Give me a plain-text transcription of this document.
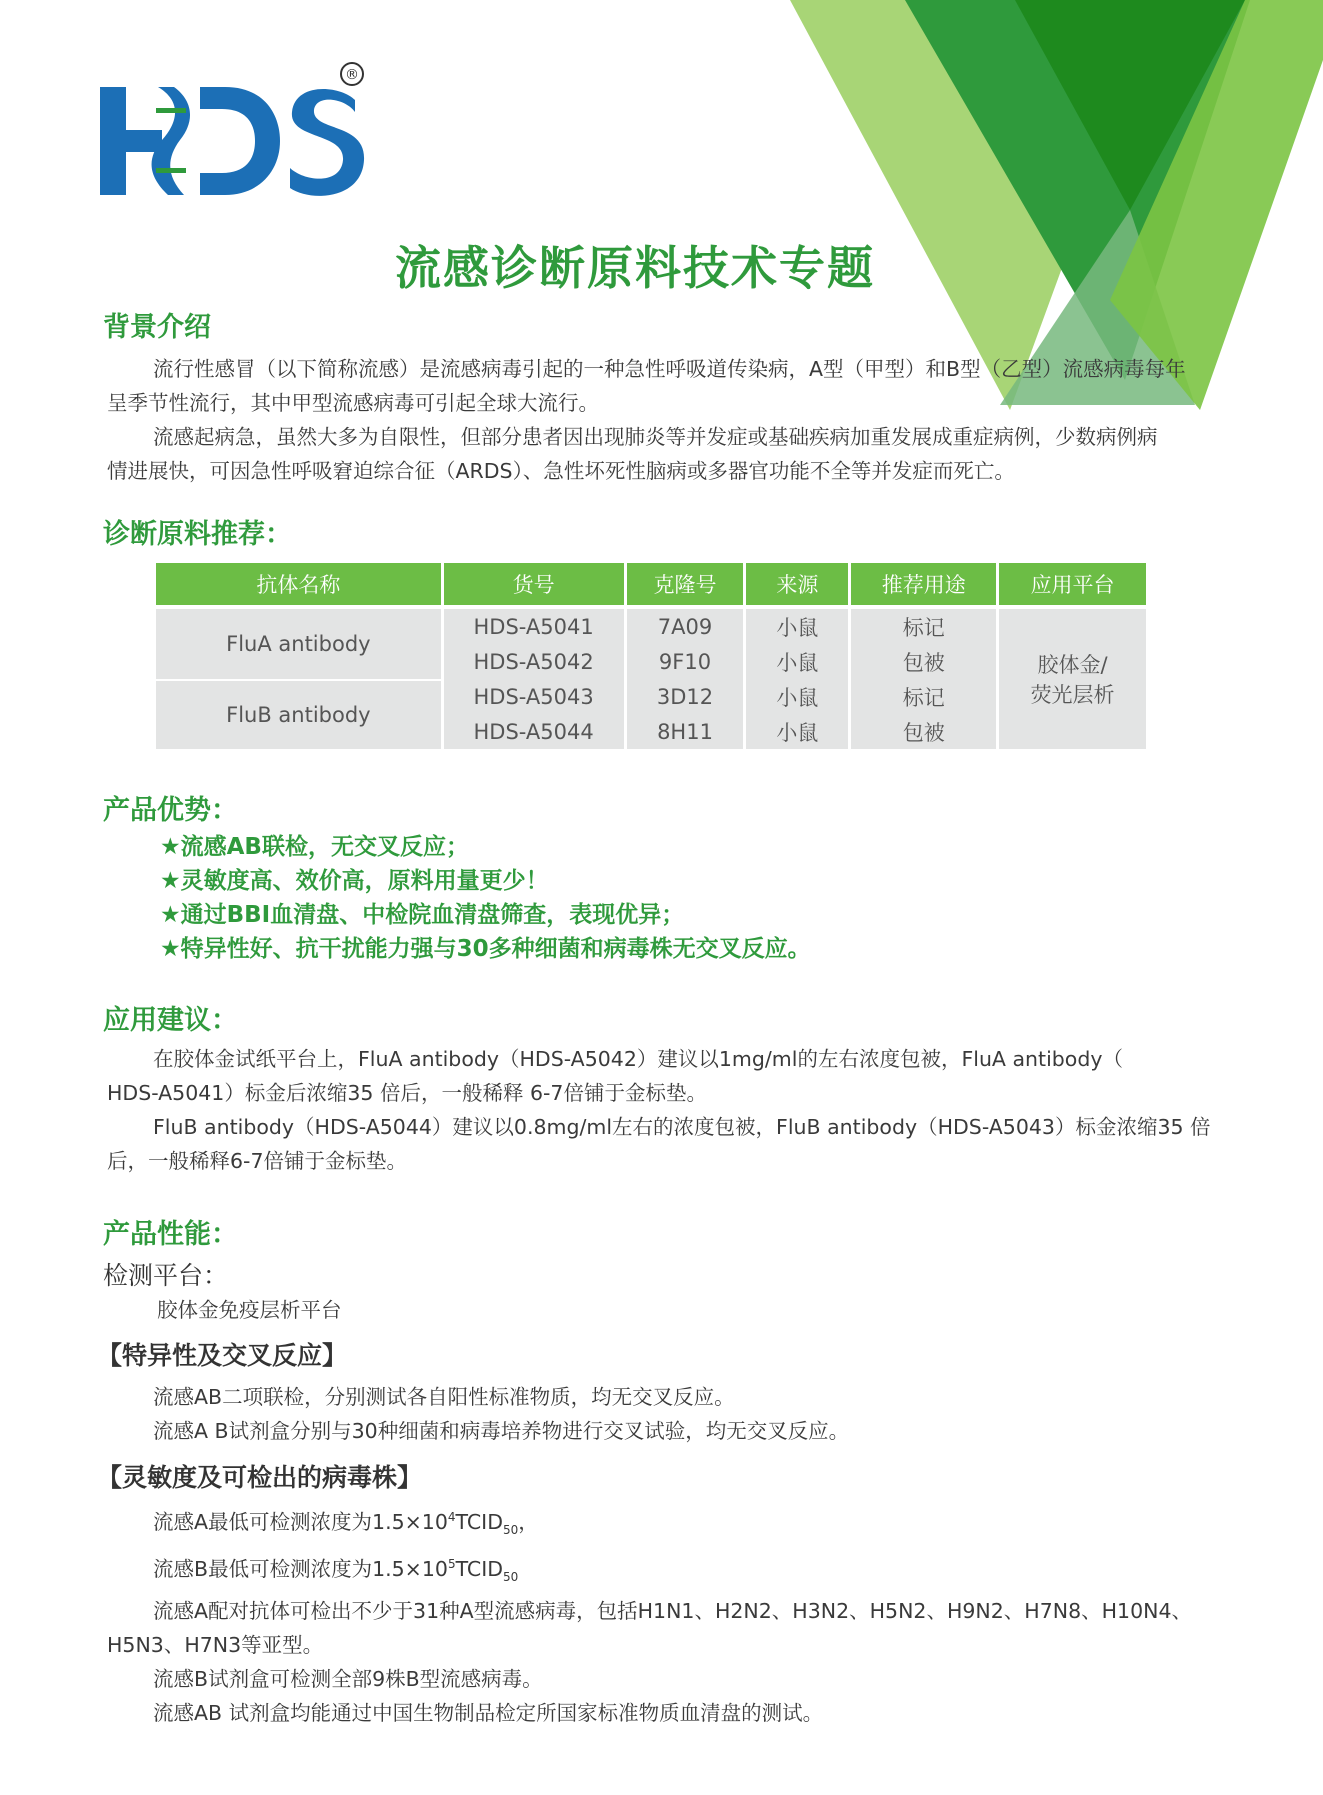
®
流感诊断原料技术专题
背景介绍
流行性感冒（以下简称流感）是流感病毒引起的一种急性呼吸道传染病，A型（甲型）和B型（乙型）流感病毒每年
呈季节性流行，其中甲型流感病毒可引起全球大流行。
流感起病急，虽然大多为自限性，但部分患者因出现肺炎等并发症或基础疾病加重发展成重症病例，少数病例病
情进展快，可因急性呼吸窘迫综合征（ARDS）、急性坏死性脑病或多器官功能不全等并发症而死亡。
诊断原料推荐：
抗体名称	货号	克隆号	来源	推荐用途	应用平台
FluA antibody	HDS-A5041	7A09	小鼠	标记	胶体金/
荧光层析

	HDS-A5042	9F10	小鼠	包被	
FluB antibody	HDS-A5043	3D12	小鼠	标记	
	HDS-A5044	8H11	小鼠	包被	
产品优势：
★流感AB联检，无交叉反应；
★灵敏度高、效价高，原料用量更少！
★通过BBI血清盘、中检院血清盘筛查，表现优异；
★特异性好、抗干扰能力强与30多种细菌和病毒株无交叉反应。
应用建议：
在胶体金试纸平台上，FluA antibody（HDS-A5042）建议以1mg/ml的左右浓度包被，FluA antibody（
HDS-A5041）标金后浓缩35 倍后，一般稀释 6-7倍铺于金标垫。
FluB antibody（HDS-A5044）建议以0.8mg/ml左右的浓度包被，FluB antibody（HDS-A5043）标金浓缩35 倍
后，一般稀释6-7倍铺于金标垫。
产品性能：
检测平台：
胶体金免疫层析平台
【特异性及交叉反应】
流感AB二项联检，分别测试各自阳性标准物质，均无交叉反应。
流感A B试剂盒分别与30种细菌和病毒培养物进行交叉试验，均无交叉反应。
【灵敏度及可检出的病毒株】
流感A最低可检测浓度为$1.5\times 10^4TCID_{50}$，
流感B最低可检测浓度为$1.5\times 10^5TCID_{50}$
流感A配对抗体可检出不少于31种A型流感病毒，包括H1N1、H2N2、H3N2、H5N2、H9N2、H7N8、H10N4、
H5N3、H7N3等亚型。
流感B试剂盒可检测全部9株B型流感病毒。
流感AB 试剂盒均能通过中国生物制品检定所国家标准物质血清盘的测试。
